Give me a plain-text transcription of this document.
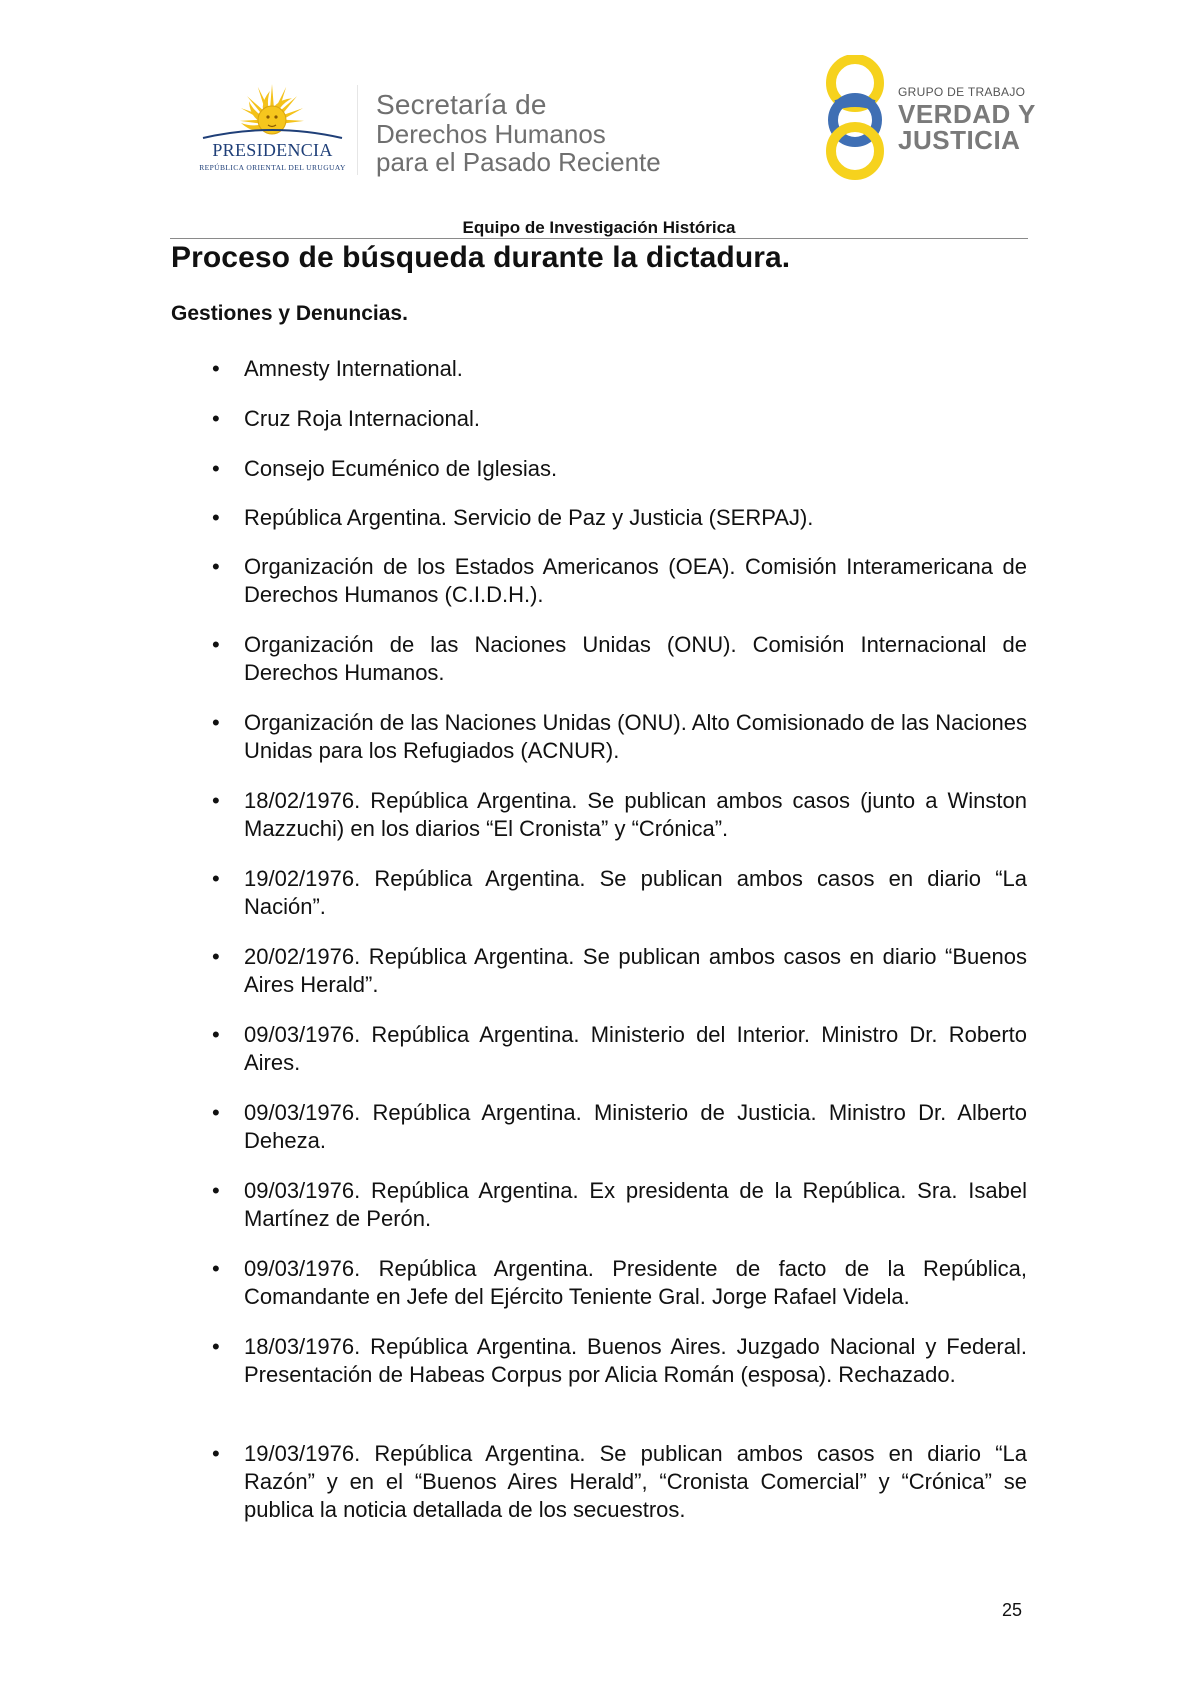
PRESIDENCIA
REPÚBLICA ORIENTAL DEL URUGUAY
Secretaría de
Derechos Humanos
para el Pasado Reciente
GRUPO DE TRABAJO
VERDAD Y
JUSTICIA
Equipo de Investigación Histórica
Proceso de búsqueda durante la dictadura.
Gestiones y Denuncias.
• Amnesty International.
• Cruz Roja Internacional.
• Consejo Ecuménico de Iglesias.
• República Argentina. Servicio de Paz y Justicia (SERPAJ).
• Organización de los Estados Americanos (OEA). Comisión Interamericana de Derechos Humanos (C.I.D.H.).
• Organización de las Naciones Unidas (ONU). Comisión Internacional de Derechos Humanos.
• Organización de las Naciones Unidas (ONU). Alto Comisionado de las Naciones Unidas para los Refugiados (ACNUR).
• 18/02/1976. República Argentina. Se publican ambos casos (junto a Winston Mazzuchi) en los diarios “El Cronista” y “Crónica”.
• 19/02/1976. República Argentina. Se publican ambos casos en diario “La Nación”.
• 20/02/1976. República Argentina. Se publican ambos casos en diario “Buenos Aires Herald”.
• 09/03/1976. República Argentina. Ministerio del Interior. Ministro Dr. Roberto Aires.
• 09/03/1976. República Argentina. Ministerio de Justicia. Ministro Dr. Alberto Deheza.
• 09/03/1976. República Argentina. Ex presidenta de la República. Sra. Isabel Martínez de Perón.
• 09/03/1976. República Argentina. Presidente de facto de la República, Comandante en Jefe del Ejército Teniente Gral. Jorge Rafael Videla.
• 18/03/1976. República Argentina. Buenos Aires. Juzgado Nacional y Federal. Presentación de Habeas Corpus por Alicia Román (esposa). Rechazado.
• 19/03/1976. República Argentina. Se publican ambos casos en diario “La Razón” y en el “Buenos Aires Herald”, “Cronista Comercial” y “Crónica” se publica la noticia detallada de los secuestros.
25
